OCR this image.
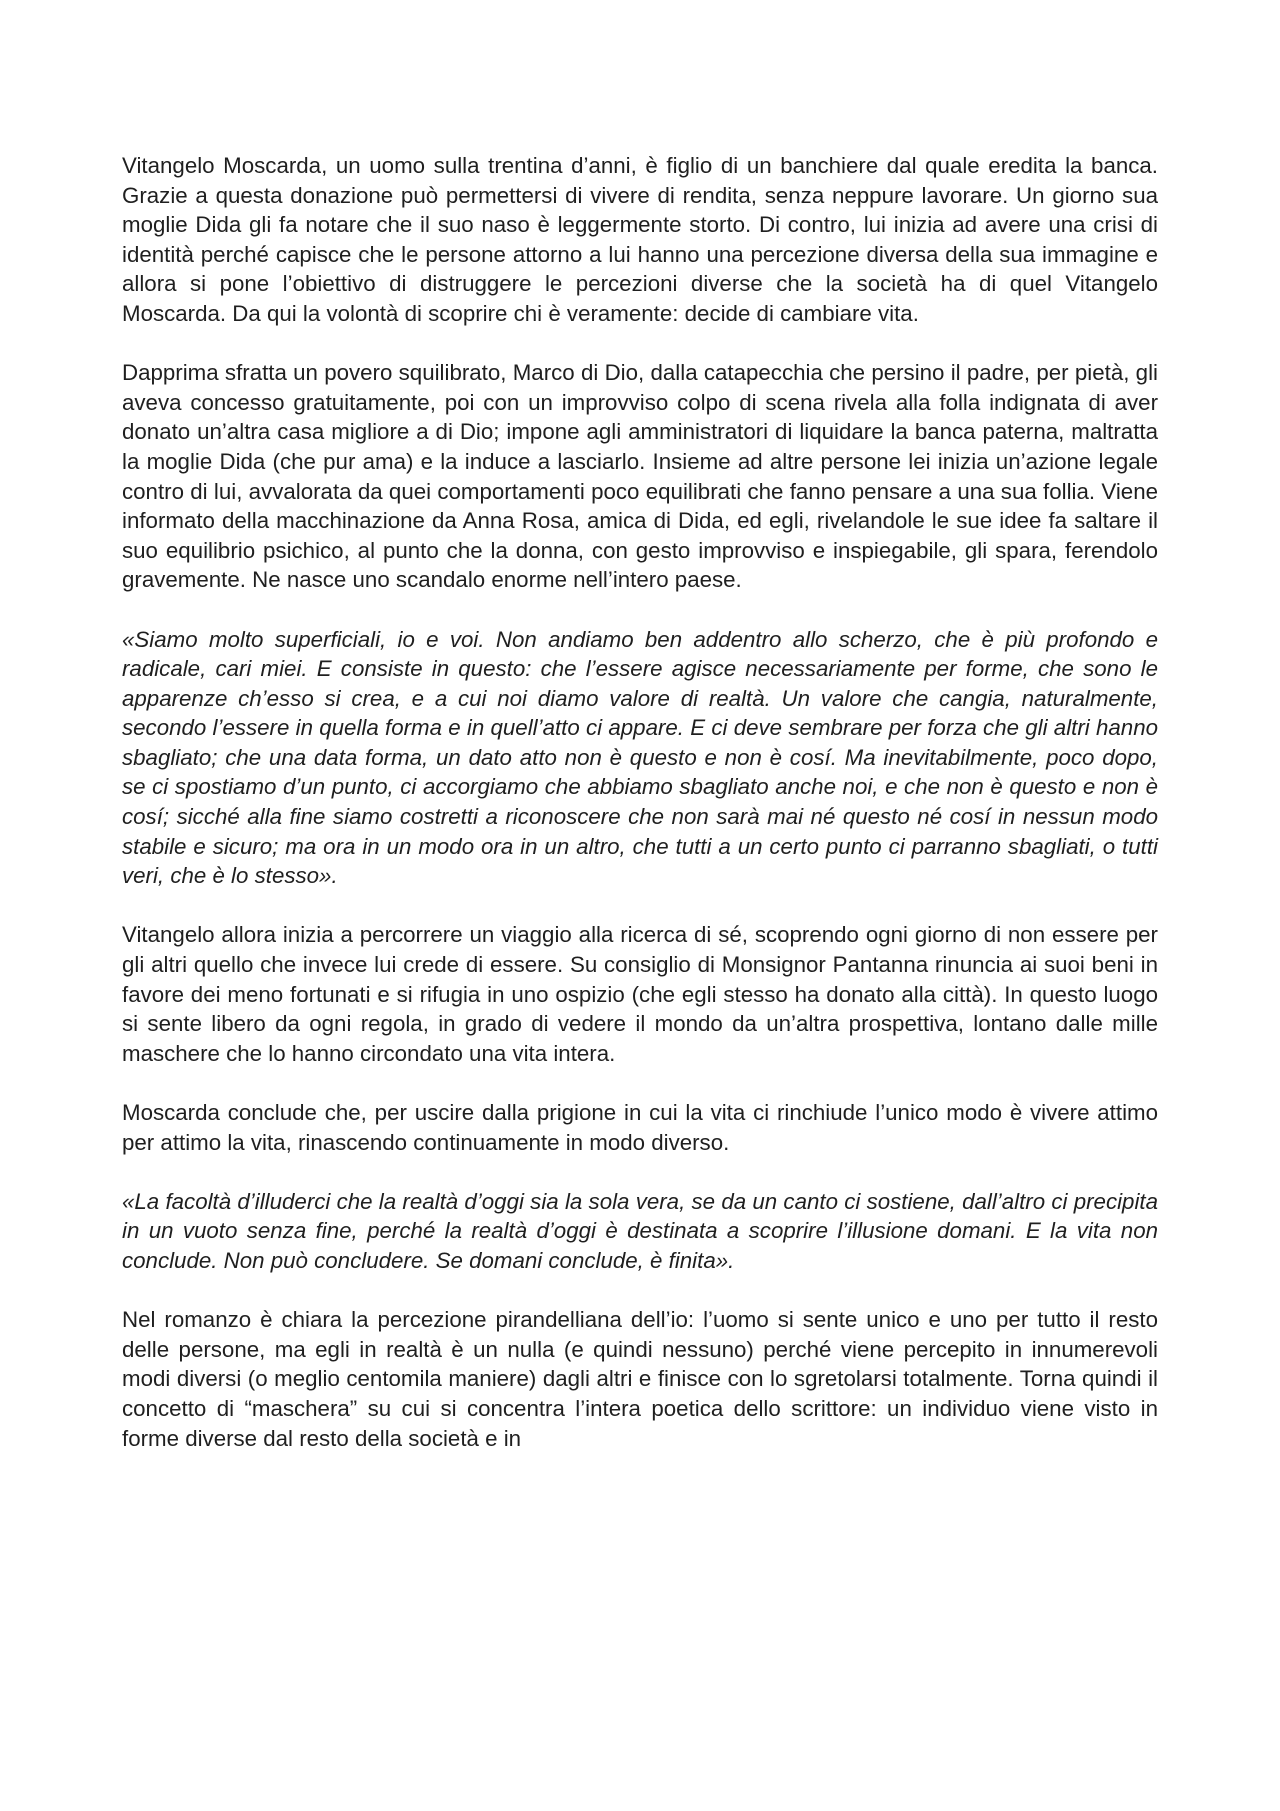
Vitangelo Moscarda, un uomo sulla trentina d’anni, è figlio di un banchiere dal quale eredita la banca. Grazie a questa donazione può permettersi di vivere di rendita, senza neppure lavorare. Un giorno sua moglie Dida gli fa notare che il suo naso è leggermente storto. Di contro, lui inizia ad avere una crisi di identità perché capisce che le persone attorno a lui hanno una percezione diversa della sua immagine e allora si pone l’obiettivo di distruggere le percezioni diverse che la società ha di quel Vitangelo Moscarda. Da qui la volontà di scoprire chi è veramente: decide di cambiare vita.

Dapprima sfratta un povero squilibrato, Marco di Dio, dalla catapecchia che persino il padre, per pietà, gli aveva concesso gratuitamente, poi con un improvviso colpo di scena rivela alla folla indignata di aver donato un’altra casa migliore a di Dio; impone agli amministratori di liquidare la banca paterna, maltratta la moglie Dida (che pur ama) e la induce a lasciarlo. Insieme ad altre persone lei inizia un’azione legale contro di lui, avvalorata da quei comportamenti poco equilibrati che fanno pensare a una sua follia. Viene informato della macchinazione da Anna Rosa, amica di Dida, ed egli, rivelandole le sue idee fa saltare il suo equilibrio psichico, al punto che la donna, con gesto improvviso e inspiegabile, gli spara, ferendolo gravemente. Ne nasce uno scandalo enorme nell’intero paese.

«Siamo molto superficiali, io e voi. Non andiamo ben addentro allo scherzo, che è più profondo e radicale, cari miei. E consiste in questo: che l’essere agisce necessariamente per forme, che sono le apparenze ch’esso si crea, e a cui noi diamo valore di realtà. Un valore che cangia, naturalmente, secondo l’essere in quella forma e in quell’atto ci appare. E ci deve sembrare per forza che gli altri hanno sbagliato; che una data forma, un dato atto non è questo e non è cosí. Ma inevitabilmente, poco dopo, se ci spostiamo d’un punto, ci accorgiamo che abbiamo sbagliato anche noi, e che non è questo e non è cosí; sicché alla fine siamo costretti a riconoscere che non sarà mai né questo né cosí in nessun modo stabile e sicuro; ma ora in un modo ora in un altro, che tutti a un certo punto ci parranno sbagliati, o tutti veri, che è lo stesso».

Vitangelo allora inizia a percorrere un viaggio alla ricerca di sé, scoprendo ogni giorno di non essere per gli altri quello che invece lui crede di essere. Su consiglio di Monsignor Pantanna rinuncia ai suoi beni in favore dei meno fortunati e si rifugia in uno ospizio (che egli stesso ha donato alla città). In questo luogo si sente libero da ogni regola, in grado di vedere il mondo da un’altra prospettiva, lontano dalle mille maschere che lo hanno circondato una vita intera.

Moscarda conclude che, per uscire dalla prigione in cui la vita ci rinchiude l’unico modo è vivere attimo per attimo la vita, rinascendo continuamente in modo diverso.

«La facoltà d’illuderci che la realtà d’oggi sia la sola vera, se da un canto ci sostiene, dall’altro ci precipita in un vuoto senza fine, perché la realtà d’oggi è destinata a scoprire l’illusione domani. E la vita non conclude. Non può concludere. Se domani conclude, è finita».

Nel romanzo è chiara la percezione pirandelliana dell’io: l’uomo si sente unico e uno per tutto il resto delle persone, ma egli in realtà è un nulla (e quindi nessuno) perché viene percepito in innumerevoli modi diversi (o meglio centomila maniere) dagli altri e finisce con lo sgretolarsi totalmente. Torna quindi il concetto di “maschera” su cui si concentra l’intera poetica dello scrittore: un individuo viene visto in forme diverse dal resto della società e in
